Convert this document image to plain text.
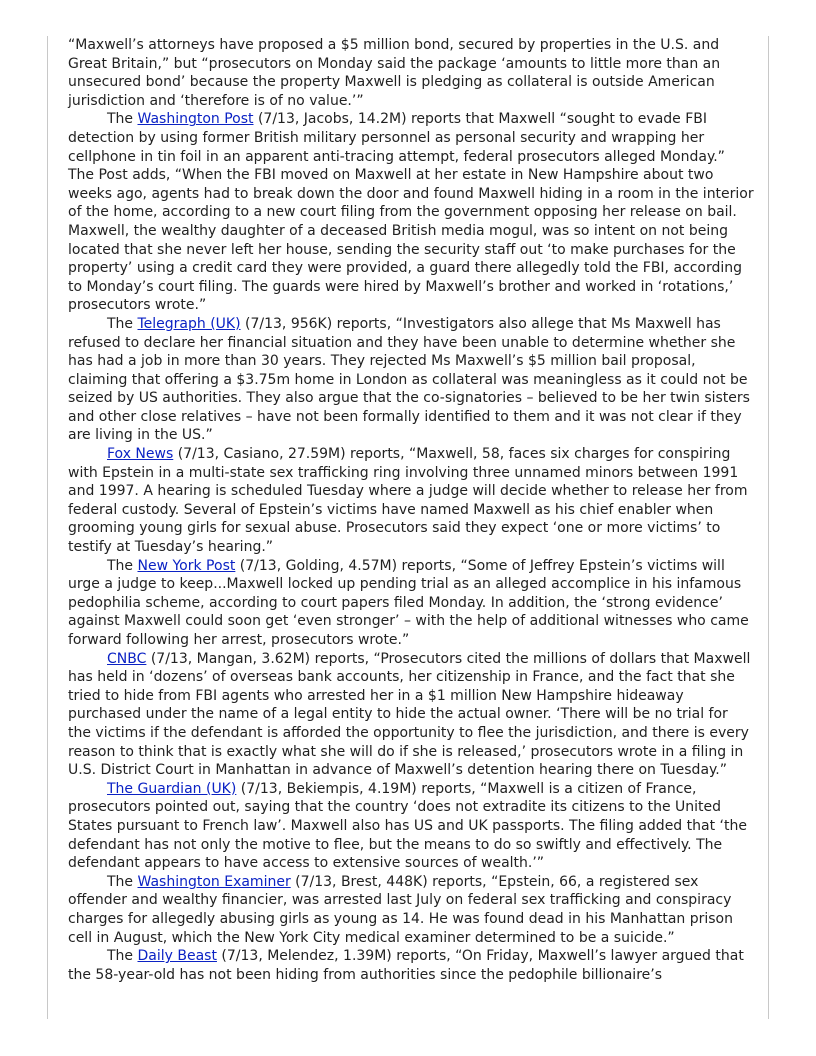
“Maxwell’s attorneys have proposed a $5 million bond, secured by properties in the U.S. and Great Britain,” but “prosecutors on Monday said the package ‘amounts to little more than an unsecured bond’ because the property Maxwell is pledging as collateral is outside American jurisdiction and ‘therefore is of no value.’”

The Washington Post (7/13, Jacobs, 14.2M) reports that Maxwell “sought to evade FBI detection by using former British military personnel as personal security and wrapping her cellphone in tin foil in an apparent anti-tracing attempt, federal prosecutors alleged Monday.” The Post adds, “When the FBI moved on Maxwell at her estate in New Hampshire about two weeks ago, agents had to break down the door and found Maxwell hiding in a room in the interior of the home, according to a new court filing from the government opposing her release on bail. Maxwell, the wealthy daughter of a deceased British media mogul, was so intent on not being located that she never left her house, sending the security staff out ‘to make purchases for the property’ using a credit card they were provided, a guard there allegedly told the FBI, according to Monday’s court filing. The guards were hired by Maxwell’s brother and worked in ‘rotations,’ prosecutors wrote.”

The Telegraph (UK) (7/13, 956K) reports, “Investigators also allege that Ms Maxwell has refused to declare her financial situation and they have been unable to determine whether she has had a job in more than 30 years. They rejected Ms Maxwell’s $5 million bail proposal, claiming that offering a $3.75m home in London as collateral was meaningless as it could not be seized by US authorities. They also argue that the co-signatories – believed to be her twin sisters and other close relatives – have not been formally identified to them and it was not clear if they are living in the US.”

Fox News (7/13, Casiano, 27.59M) reports, “Maxwell, 58, faces six charges for conspiring with Epstein in a multi-state sex trafficking ring involving three unnamed minors between 1991 and 1997. A hearing is scheduled Tuesday where a judge will decide whether to release her from federal custody. Several of Epstein’s victims have named Maxwell as his chief enabler when grooming young girls for sexual abuse. Prosecutors said they expect ‘one or more victims’ to testify at Tuesday’s hearing.”

The New York Post (7/13, Golding, 4.57M) reports, “Some of Jeffrey Epstein’s victims will urge a judge to keep...Maxwell locked up pending trial as an alleged accomplice in his infamous pedophilia scheme, according to court papers filed Monday. In addition, the ‘strong evidence’ against Maxwell could soon get ‘even stronger’ – with the help of additional witnesses who came forward following her arrest, prosecutors wrote.”

CNBC (7/13, Mangan, 3.62M) reports, “Prosecutors cited the millions of dollars that Maxwell has held in ‘dozens’ of overseas bank accounts, her citizenship in France, and the fact that she tried to hide from FBI agents who arrested her in a $1 million New Hampshire hideaway purchased under the name of a legal entity to hide the actual owner. ‘There will be no trial for the victims if the defendant is afforded the opportunity to flee the jurisdiction, and there is every reason to think that is exactly what she will do if she is released,’ prosecutors wrote in a filing in U.S. District Court in Manhattan in advance of Maxwell’s detention hearing there on Tuesday.”

The Guardian (UK) (7/13, Bekiempis, 4.19M) reports, “Maxwell is a citizen of France, prosecutors pointed out, saying that the country ‘does not extradite its citizens to the United States pursuant to French law’. Maxwell also has US and UK passports. The filing added that ‘the defendant has not only the motive to flee, but the means to do so swiftly and effectively. The defendant appears to have access to extensive sources of wealth.’”

The Washington Examiner (7/13, Brest, 448K) reports, “Epstein, 66, a registered sex offender and wealthy financier, was arrested last July on federal sex trafficking and conspiracy charges for allegedly abusing girls as young as 14. He was found dead in his Manhattan prison cell in August, which the New York City medical examiner determined to be a suicide.”

The Daily Beast (7/13, Melendez, 1.39M) reports, “On Friday, Maxwell’s lawyer argued that the 58-year-old has not been hiding from authorities since the pedophile billionaire’s
